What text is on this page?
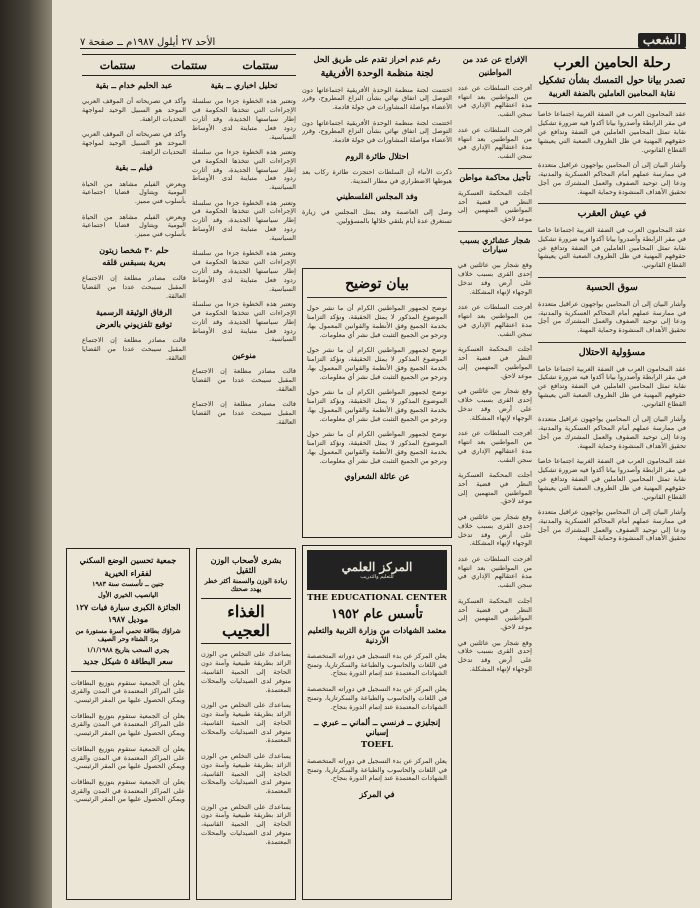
الشعب
الأحد ٢٧ أيلول ١٩٨٧م ــ صفحة ٧
رحلة الحامين العرب
تصدر بيانا حول التمسك بشأن تشكيل
نقابة المحامين العاملين بالضفة الغربية

عقد المحامون العرب في الضفة الغربية اجتماعا خاصا في مقر الرابطة وأصدروا بيانا أكدوا فيه ضرورة تشكيل نقابة تمثل المحامين العاملين في الضفة وتدافع عن حقوقهم المهنية في ظل الظروف الصعبة التي يعيشها القطاع القانوني.

وأشار البيان إلى أن المحامين يواجهون عراقيل متعددة في ممارسة عملهم أمام المحاكم العسكرية والمدنية، ودعا إلى توحيد الصفوف والعمل المشترك من أجل تحقيق الأهداف المنشودة وحماية المهنة.

في عيش العقرب

عقد المحامون العرب في الضفة الغربية اجتماعا خاصا في مقر الرابطة وأصدروا بيانا أكدوا فيه ضرورة تشكيل نقابة تمثل المحامين العاملين في الضفة وتدافع عن حقوقهم المهنية في ظل الظروف الصعبة التي يعيشها القطاع القانوني.

سوق الحسبة

وأشار البيان إلى أن المحامين يواجهون عراقيل متعددة في ممارسة عملهم أمام المحاكم العسكرية والمدنية، ودعا إلى توحيد الصفوف والعمل المشترك من أجل تحقيق الأهداف المنشودة وحماية المهنة.

مسؤولية الاحتلال

عقد المحامون العرب في الضفة الغربية اجتماعا خاصا في مقر الرابطة وأصدروا بيانا أكدوا فيه ضرورة تشكيل نقابة تمثل المحامين العاملين في الضفة وتدافع عن حقوقهم المهنية في ظل الظروف الصعبة التي يعيشها القطاع القانوني.

وأشار البيان إلى أن المحامين يواجهون عراقيل متعددة في ممارسة عملهم أمام المحاكم العسكرية والمدنية، ودعا إلى توحيد الصفوف والعمل المشترك من أجل تحقيق الأهداف المنشودة وحماية المهنة.

عقد المحامون العرب في الضفة الغربية اجتماعا خاصا في مقر الرابطة وأصدروا بيانا أكدوا فيه ضرورة تشكيل نقابة تمثل المحامين العاملين في الضفة وتدافع عن حقوقهم المهنية في ظل الظروف الصعبة التي يعيشها القطاع القانوني.

وأشار البيان إلى أن المحامين يواجهون عراقيل متعددة في ممارسة عملهم أمام المحاكم العسكرية والمدنية، ودعا إلى توحيد الصفوف والعمل المشترك من أجل تحقيق الأهداف المنشودة وحماية المهنة.

الإفراج عن عدد من
المواطنين

أفرجت السلطات عن عدد من المواطنين بعد انتهاء مدة اعتقالهم الإداري في سجن النقب.

أفرجت السلطات عن عدد من المواطنين بعد انتهاء مدة اعتقالهم الإداري في سجن النقب.

تأجيل محاكمة مواطن

أجلت المحكمة العسكرية النظر في قضية أحد المواطنين المتهمين إلى موعد لاحق.

شجار عشائري بسبب سيارات

وقع شجار بين عائلتين في إحدى القرى بسبب خلاف على أرض وقد تدخل الوجهاء لإنهاء المشكلة.

أفرجت السلطات عن عدد من المواطنين بعد انتهاء مدة اعتقالهم الإداري في سجن النقب.

أجلت المحكمة العسكرية النظر في قضية أحد المواطنين المتهمين إلى موعد لاحق.

وقع شجار بين عائلتين في إحدى القرى بسبب خلاف على أرض وقد تدخل الوجهاء لإنهاء المشكلة.

أفرجت السلطات عن عدد من المواطنين بعد انتهاء مدة اعتقالهم الإداري في سجن النقب.

أجلت المحكمة العسكرية النظر في قضية أحد المواطنين المتهمين إلى موعد لاحق.

وقع شجار بين عائلتين في إحدى القرى بسبب خلاف على أرض وقد تدخل الوجهاء لإنهاء المشكلة.

أفرجت السلطات عن عدد من المواطنين بعد انتهاء مدة اعتقالهم الإداري في سجن النقب.

أجلت المحكمة العسكرية النظر في قضية أحد المواطنين المتهمين إلى موعد لاحق.

وقع شجار بين عائلتين في إحدى القرى بسبب خلاف على أرض وقد تدخل الوجهاء لإنهاء المشكلة.

رغم عدم احراز تقدم على طريق الحل
لجنة منظمة الوحدة الأفريقية

اختتمت لجنة منظمة الوحدة الأفريقية اجتماعاتها دون التوصل إلى اتفاق نهائي بشأن النزاع المطروح، وقرر الأعضاء مواصلة المشاورات في جولة قادمة.

اختتمت لجنة منظمة الوحدة الأفريقية اجتماعاتها دون التوصل إلى اتفاق نهائي بشأن النزاع المطروح، وقرر الأعضاء مواصلة المشاورات في جولة قادمة.

احتلال طائرة الروم

ذكرت الأنباء أن السلطات احتجزت طائرة ركاب بعد هبوطها الاضطراري في مطار المدينة.

وفد المجلس الفلسطيني

وصل إلى العاصمة وفد يمثل المجلس في زيارة تستغرق عدة أيام يلتقي خلالها بالمسؤولين.

بيان توضيح

نوضح لجمهور المواطنين الكرام أن ما نشر حول الموضوع المذكور لا يمثل الحقيقة، ونؤكد التزامنا بخدمة الجميع وفق الأنظمة والقوانين المعمول بها، ونرجو من الجميع التثبت قبل نشر أي معلومات.

نوضح لجمهور المواطنين الكرام أن ما نشر حول الموضوع المذكور لا يمثل الحقيقة، ونؤكد التزامنا بخدمة الجميع وفق الأنظمة والقوانين المعمول بها، ونرجو من الجميع التثبت قبل نشر أي معلومات.

نوضح لجمهور المواطنين الكرام أن ما نشر حول الموضوع المذكور لا يمثل الحقيقة، ونؤكد التزامنا بخدمة الجميع وفق الأنظمة والقوانين المعمول بها، ونرجو من الجميع التثبت قبل نشر أي معلومات.

نوضح لجمهور المواطنين الكرام أن ما نشر حول الموضوع المذكور لا يمثل الحقيقة، ونؤكد التزامنا بخدمة الجميع وفق الأنظمة والقوانين المعمول بها، ونرجو من الجميع التثبت قبل نشر أي معلومات.

عن عائلة الشعراوي
المركز العلمي
للتعليم والتدريب
THE EDUCATIONAL CENTER
تأسس عام ١٩٥٢
معتمد الشهادات من وزارة التربية والتعليم الأردنية

يعلن المركز عن بدء التسجيل في دوراته المتخصصة في اللغات والحاسوب والطباعة والسكرتاريا، وتمنح الشهادات المعتمدة عند إتمام الدورة بنجاح.

يعلن المركز عن بدء التسجيل في دوراته المتخصصة في اللغات والحاسوب والطباعة والسكرتاريا، وتمنح الشهادات المعتمدة عند إتمام الدورة بنجاح.

إنجليزي ــ فرنسي ــ ألماني ــ عبري ــ إسباني
TOEFL

يعلن المركز عن بدء التسجيل في دوراته المتخصصة في اللغات والحاسوب والطباعة والسكرتاريا، وتمنح الشهادات المعتمدة عند إتمام الدورة بنجاح.

في المركز
ستتمات
ستتمات
ستتمات
تحليل اخباري ــ بقية

وتعتبر هذه الخطوة جزءا من سلسلة الإجراءات التي تتخذها الحكومة في إطار سياستها الجديدة، وقد أثارت ردود فعل متباينة لدى الأوساط السياسية.

وتعتبر هذه الخطوة جزءا من سلسلة الإجراءات التي تتخذها الحكومة في إطار سياستها الجديدة، وقد أثارت ردود فعل متباينة لدى الأوساط السياسية.

وتعتبر هذه الخطوة جزءا من سلسلة الإجراءات التي تتخذها الحكومة في إطار سياستها الجديدة، وقد أثارت ردود فعل متباينة لدى الأوساط السياسية.

وتعتبر هذه الخطوة جزءا من سلسلة الإجراءات التي تتخذها الحكومة في إطار سياستها الجديدة، وقد أثارت ردود فعل متباينة لدى الأوساط السياسية.

وتعتبر هذه الخطوة جزءا من سلسلة الإجراءات التي تتخذها الحكومة في إطار سياستها الجديدة، وقد أثارت ردود فعل متباينة لدى الأوساط السياسية.

منوعين

قالت مصادر مطلعة إن الاجتماع المقبل سيبحث عددا من القضايا العالقة.

قالت مصادر مطلعة إن الاجتماع المقبل سيبحث عددا من القضايا العالقة.

عبد الحليم خدام ــ بقية

وأكد في تصريحاته أن الموقف العربي الموحد هو السبيل الوحيد لمواجهة التحديات الراهنة.

وأكد في تصريحاته أن الموقف العربي الموحد هو السبيل الوحيد لمواجهة التحديات الراهنة.

فيلم ــ بقية

ويعرض الفيلم مشاهد من الحياة اليومية ويتناول قضايا اجتماعية بأسلوب فني مميز.

ويعرض الفيلم مشاهد من الحياة اليومية ويتناول قضايا اجتماعية بأسلوب فني مميز.

حلم ٣٠ شخصا زيتون
بعرية بسبقس قلقه

قالت مصادر مطلعة إن الاجتماع المقبل سيبحث عددا من القضايا العالقة.

الرفاق الوثيقة الرسمية
توقيع تلفزيوني بالعرض

قالت مصادر مطلعة إن الاجتماع المقبل سيبحث عددا من القضايا العالقة.

بشرى لأصحاب الوزن الثقيل
زيادة الوزن والسمنة أكثر خطر يهدد صحتك
الغذاء العجيب

يساعدك على التخلص من الوزن الزائد بطريقة طبيعية وآمنة دون الحاجة إلى الحمية القاسية، متوفر لدى الصيدليات والمحلات المعتمدة.

يساعدك على التخلص من الوزن الزائد بطريقة طبيعية وآمنة دون الحاجة إلى الحمية القاسية، متوفر لدى الصيدليات والمحلات المعتمدة.

يساعدك على التخلص من الوزن الزائد بطريقة طبيعية وآمنة دون الحاجة إلى الحمية القاسية، متوفر لدى الصيدليات والمحلات المعتمدة.

يساعدك على التخلص من الوزن الزائد بطريقة طبيعية وآمنة دون الحاجة إلى الحمية القاسية، متوفر لدى الصيدليات والمحلات المعتمدة.

جمعية تحسين الوضع السكني
لفقراء الخيرية
جنين ــ تأسست سنة ١٩٨٣
اليانصيب الخيري الأول
الجائزة الكبرى سيارة فيات ١٢٧
موديل ١٩٨٧
شراؤك بطاقة تحمي أسرة مستورة من برد الشتاء وحر الصيف
يجري السحب بتاريخ ١/١/١٩٨٨
سعر البطاقة ٥ شيكل جديد

يعلن أن الجمعية ستقوم بتوزيع البطاقات على المراكز المعتمدة في المدن والقرى ويمكن الحصول عليها من المقر الرئيسي.

يعلن أن الجمعية ستقوم بتوزيع البطاقات على المراكز المعتمدة في المدن والقرى ويمكن الحصول عليها من المقر الرئيسي.

يعلن أن الجمعية ستقوم بتوزيع البطاقات على المراكز المعتمدة في المدن والقرى ويمكن الحصول عليها من المقر الرئيسي.

يعلن أن الجمعية ستقوم بتوزيع البطاقات على المراكز المعتمدة في المدن والقرى ويمكن الحصول عليها من المقر الرئيسي.
